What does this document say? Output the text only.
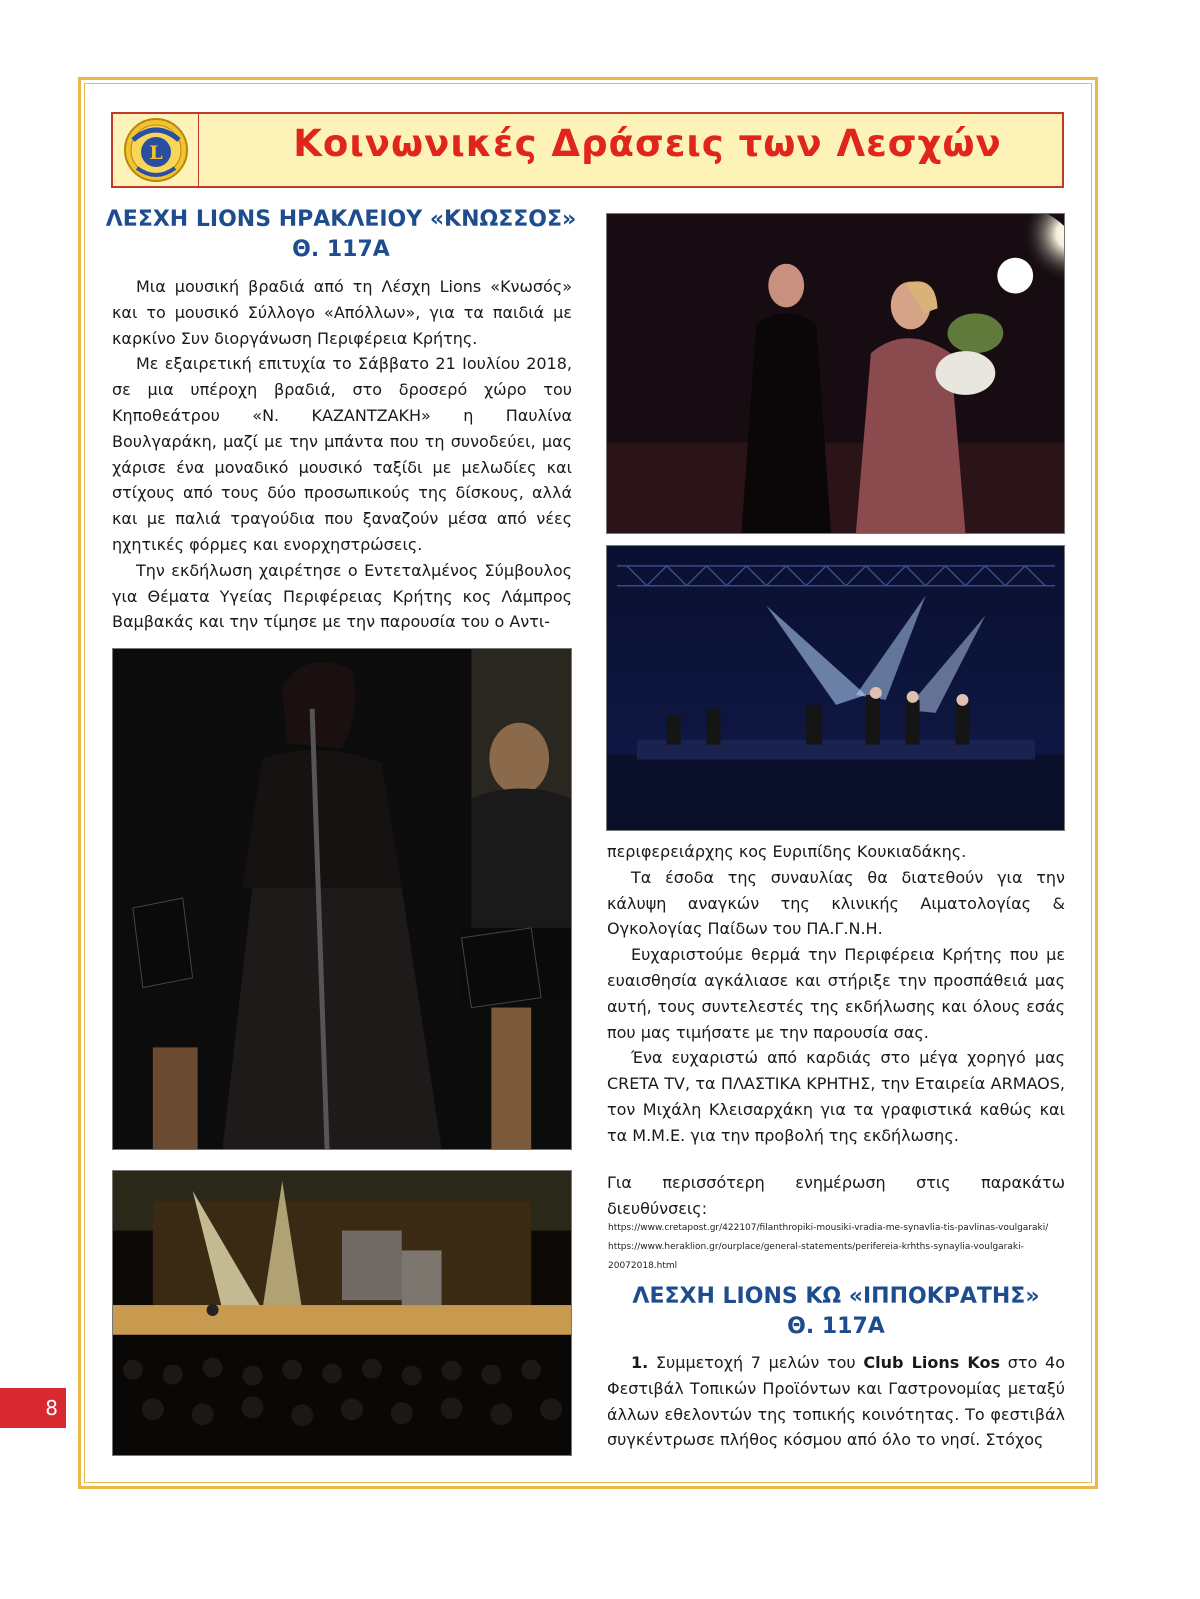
L	Κοινωνικές Δράσεις των Λεσχών
ΛΕΣΧΗ LIONS ΗΡΑΚΛΕΙΟΥ «ΚΝΩΣΣΟΣ»
Θ. 117Α

Μια μουσική βραδιά από τη Λέσχη Lions «Κνωσός» και το μουσικό Σύλλογο «Απόλλων», για τα παιδιά με καρκίνο Συν διοργάνωση Περιφέρεια Κρήτης.

Με εξαιρετική επιτυχία το Σάββατο 21 Ιουλίου 2018, σε μια υπέροχη βραδιά, στο δροσερό χώρο του Κηποθεάτρου «Ν. ΚΑΖΑΝΤΖΑΚΗ» η Παυλίνα Βουλγαράκη, μαζί με την μπάντα που τη συνοδεύει, μας χάρισε ένα μοναδικό μουσικό ταξίδι με μελωδίες και στίχους από τους δύο προσωπικούς της δίσκους, αλλά και με παλιά τραγούδια που ξαναζούν μέσα από νέες ηχητικές φόρμες και ενορχηστρώσεις.

Την εκδήλωση χαιρέτησε ο Εντεταλμένος Σύμβουλος για Θέματα Υγείας Περιφέρειας Κρήτης κος Λάμπρος Βαμβακάς και την τίμησε με την παρουσία του ο Αντι-

περιφερειάρχης κος Ευριπίδης Κουκιαδάκης.

Τα έσοδα της συναυλίας θα διατεθούν για την κάλυψη αναγκών της κλινικής Αιματολογίας & Ογκολογίας Παίδων του ΠΑ.Γ.Ν.Η.

Ευχαριστούμε θερμά την Περιφέρεια Κρήτης που με ευαισθησία αγκάλιασε και στήριξε την προσπάθειά μας αυτή, τους συντελεστές της εκδήλωσης και όλους εσάς που μας τιμήσατε με την παρουσία σας.

Ένα ευχαριστώ από καρδιάς στο μέγα χορηγό μας CRETA TV, τα ΠΛΑΣΤΙΚΑ ΚΡΗΤΗΣ, την Εταιρεία ARMAOS, τον Μιχάλη Κλεισαρχάκη για τα γραφιστικά καθώς και τα Μ.Μ.Ε. για την προβολή της εκδήλωσης.

Για περισσότερη ενημέρωση στις παρακάτω διευθύνσεις:

https://www.cretapost.gr/422107/filanthropiki-mousiki-vradia-me-synavlia-tis-pavlinas-voulgaraki/
https://www.heraklion.gr/ourplace/general-statements/perifereia-krhths-synaylia-voulgaraki-20072018.html
ΛΕΣΧΗ LIONS ΚΩ «ΙΠΠΟΚΡΑΤΗΣ»
Θ. 117Α

1. Συμμετοχή 7 μελών του Club Lions Kos στο 4ο Φεστιβάλ Τοπικών Προϊόντων και Γαστρονομίας μεταξύ άλλων εθελοντών της τοπικής κοινότητας. Το φεστιβάλ συγκέντρωσε πλήθος κόσμου από όλο το νησί. Στόχος

8
